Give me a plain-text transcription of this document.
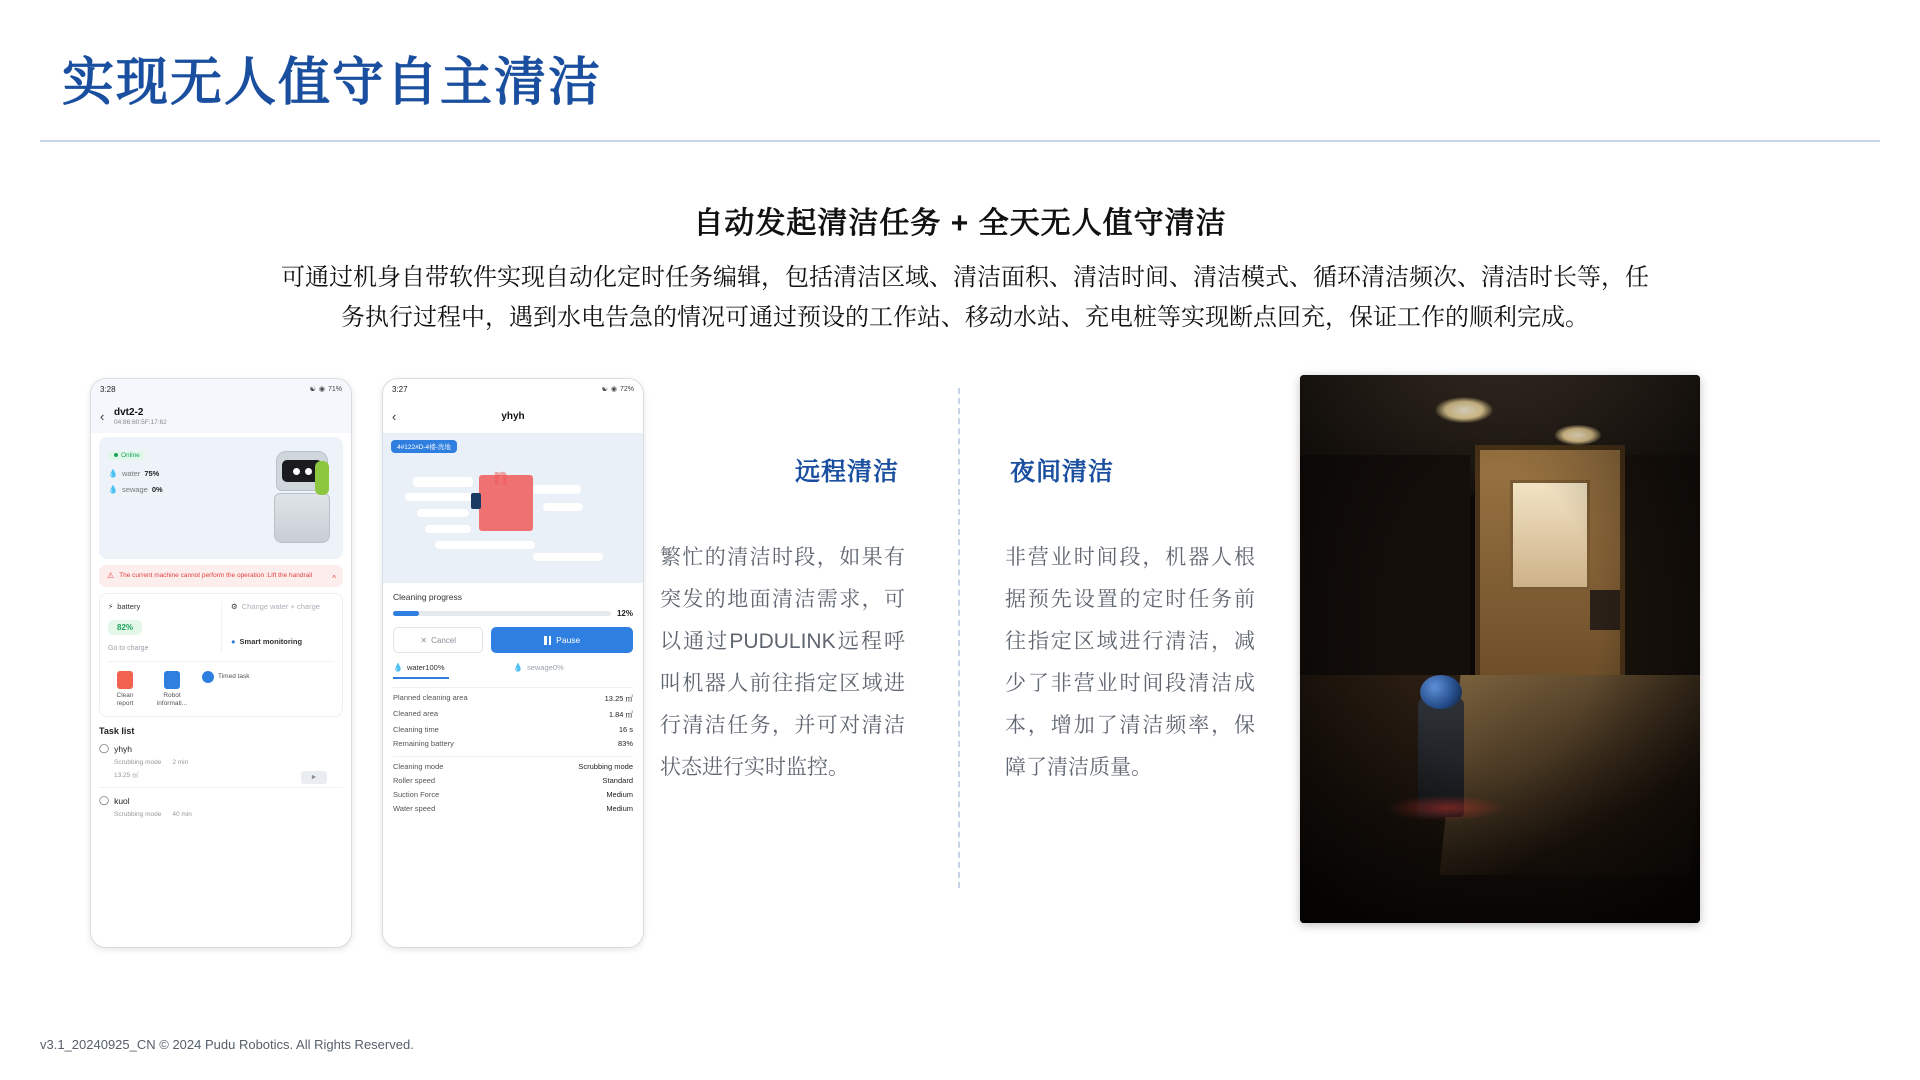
实现无人值守自主清洁
自动发起清洁任务 + 全天无人值守清洁
可通过机身自带软件实现自动化定时任务编辑，包括清洁区域、清洁面积、清洁时间、清洁模式、循环清洁频次、清洁时长等，任务执行过程中，遇到水电告急的情况可通过预设的工作站、移动水站、充电桩等实现断点回充，保证工作的顺利完成。
3:28	☯ ◉ 71%
‹ dvt2-2
04:86:60:5F:17:62
Online
💧 water 75%
💧 sewage 0%
⚠ The current machine cannot perform the operation :Lift the handrail	^
⚡ battery
82%
Go to charge
⚙ Change water + charge
● Smart monitoring
Clean report
Robot informati...
Timed task
Task list
◯ yhyh
Scrubbing mode 2 min
13.25 ㎡	►
◯ kuol
Scrubbing mode 40 min
3:27	☯ ◉ 72%
‹	yhyh
4#122#D-4楼-洗地
ո
Cleaning progress
12%
✕ Cancel	Pause
💧 water100%	💧 sewage0%
Planned cleaning area	13.25 ㎡
Cleaned area	1.84 ㎡
Cleaning time	16 s
Remaining battery	83%
Cleaning mode	Scrubbing mode
Roller speed	Standard
Suction Force	Medium
Water speed	Medium
远程清洁
繁忙的清洁时段，如果有突发的地面清洁需求，可以通过PUDULINK远程呼叫机器人前往指定区域进行清洁任务，并可对清洁状态进行实时监控。
夜间清洁
非营业时间段，机器人根据预先设置的定时任务前往指定区域进行清洁，减少了非营业时间段清洁成本，增加了清洁频率，保障了清洁质量。
v3.1_20240925_CN © 2024 Pudu Robotics. All Rights Reserved.
